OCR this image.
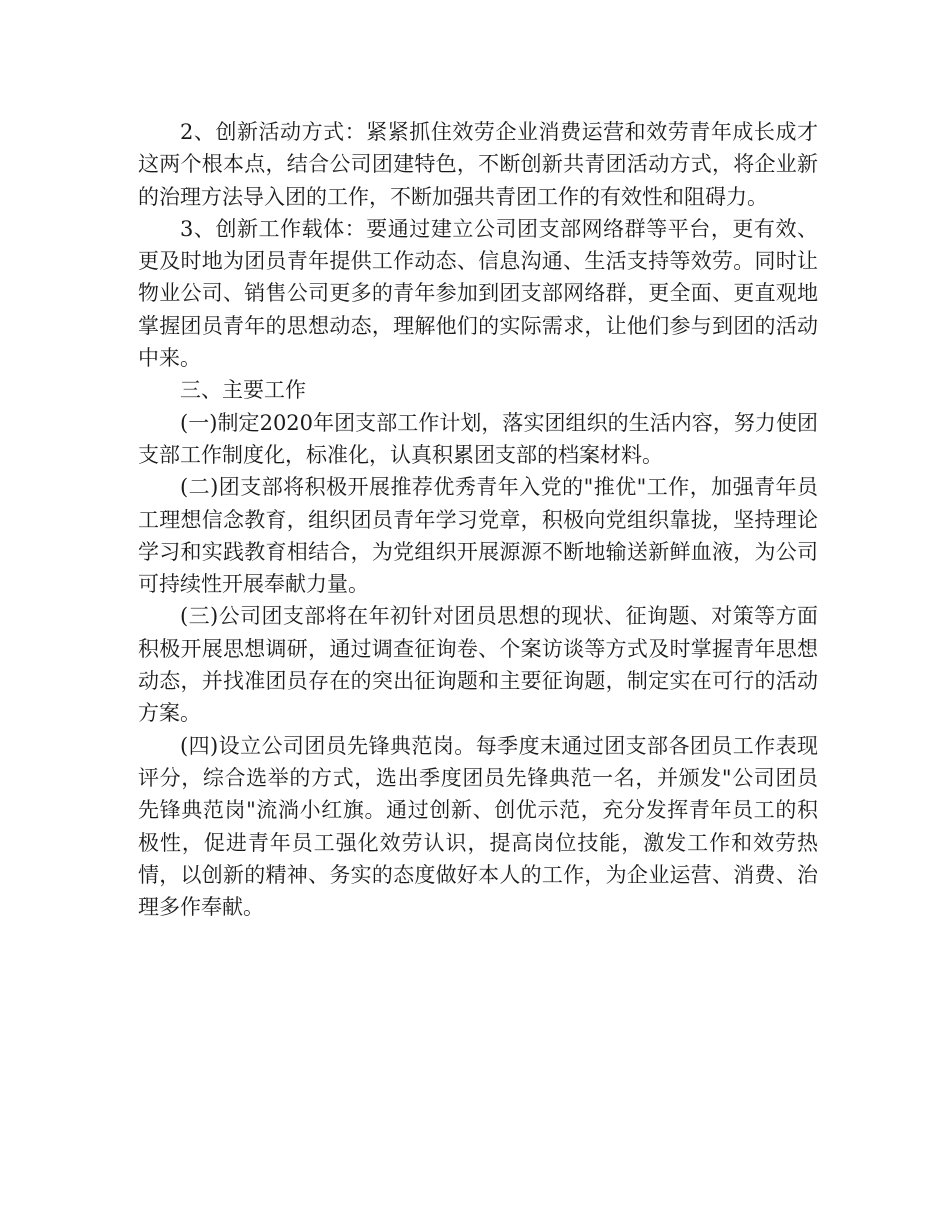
2、创新活动方式：紧紧抓住效劳企业消费运营和效劳青年成长成才这两个根本点，结合公司团建特色，不断创新共青团活动方式，将企业新的治理方法导入团的工作，不断加强共青团工作的有效性和阻碍力。

3、创新工作载体：要通过建立公司团支部网络群等平台，更有效、更及时地为团员青年提供工作动态、信息沟通、生活支持等效劳。同时让物业公司、销售公司更多的青年参加到团支部网络群，更全面、更直观地掌握团员青年的思想动态，理解他们的实际需求，让他们参与到团的活动中来。

三、主要工作

(一)制定2020年团支部工作计划，落实团组织的生活内容，努力使团支部工作制度化，标准化，认真积累团支部的档案材料。

(二)团支部将积极开展推荐优秀青年入党的"推优"工作，加强青年员工理想信念教育，组织团员青年学习党章，积极向党组织靠拢，坚持理论学习和实践教育相结合，为党组织开展源源不断地输送新鲜血液，为公司可持续性开展奉献力量。

(三)公司团支部将在年初针对团员思想的现状、征询题、对策等方面积极开展思想调研，通过调查征询卷、个案访谈等方式及时掌握青年思想动态，并找准团员存在的突出征询题和主要征询题，制定实在可行的活动方案。

(四)设立公司团员先锋典范岗。每季度末通过团支部各团员工作表现评分，综合选举的方式，选出季度团员先锋典范一名，并颁发"公司团员先锋典范岗"流淌小红旗。通过创新、创优示范，充分发挥青年员工的积极性，促进青年员工强化效劳认识，提高岗位技能，激发工作和效劳热情，以创新的精神、务实的态度做好本人的工作，为企业运营、消费、治理多作奉献。
